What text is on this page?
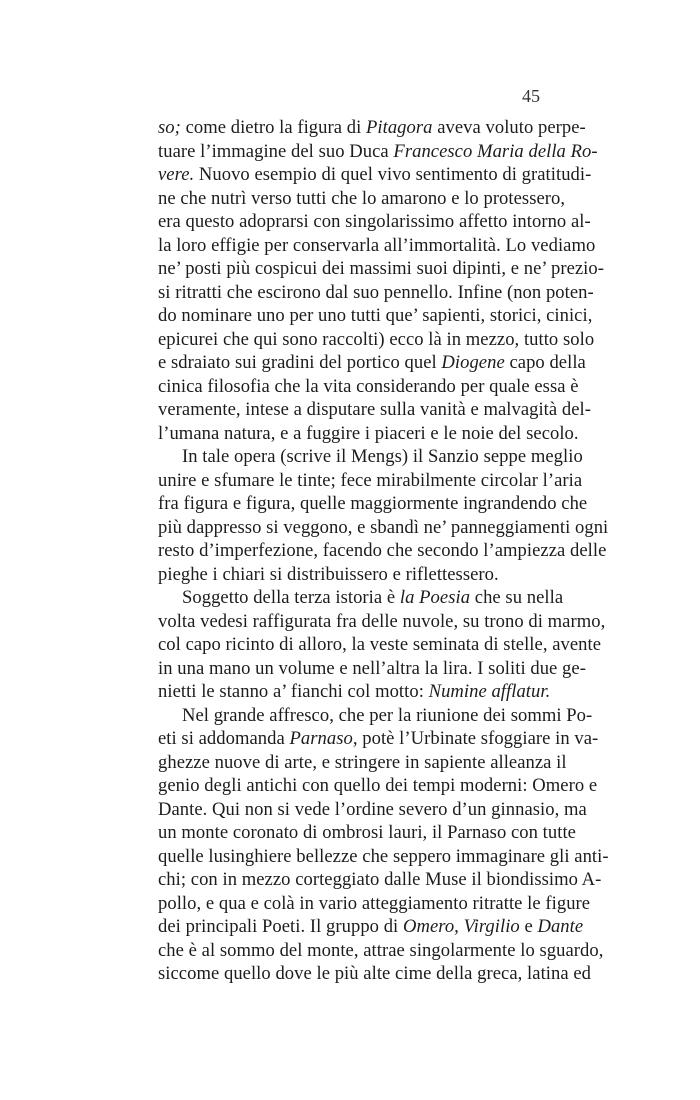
45
so; come dietro la figura di Pitagora aveva voluto perpe-
tuare l’immagine del suo Duca Francesco Maria della Ro-
vere. Nuovo esempio di quel vivo sentimento di gratitudi-
ne che nutrì verso tutti che lo amarono e lo protessero,
era questo adoprarsi con singolarissimo affetto intorno al-
la loro effigie per conservarla all’immortalità. Lo vediamo
ne’ posti più cospicui dei massimi suoi dipinti, e ne’ prezio-
si ritratti che escirono dal suo pennello. Infine (non poten-
do nominare uno per uno tutti que’ sapienti, storici, cinici,
epicurei che qui sono raccolti) ecco là in mezzo, tutto solo
e sdraiato sui gradini del portico quel Diogene capo della
cinica filosofia che la vita considerando per quale essa è
veramente, intese a disputare sulla vanità e malvagità del-
l’umana natura, e a fuggire i piaceri e le noie del secolo.
In tale opera (scrive il Mengs) il Sanzio seppe meglio
unire e sfumare le tinte; fece mirabilmente circolar l’aria
fra figura e figura, quelle maggiormente ingrandendo che
più dappresso si veggono, e sbandì ne’ panneggiamenti ogni
resto d’imperfezione, facendo che secondo l’ampiezza delle
pieghe i chiari si distribuissero e riflettessero.
Soggetto della terza istoria è la Poesia che su nella
volta vedesi raffigurata fra delle nuvole, su trono di marmo,
col capo ricinto di alloro, la veste seminata di stelle, avente
in una mano un volume e nell’altra la lira. I soliti due ge-
nietti le stanno a’ fianchi col motto: Numine afflatur.
Nel grande affresco, che per la riunione dei sommi Po-
eti si addomanda Parnaso, potè l’Urbinate sfoggiare in va-
ghezze nuove di arte, e stringere in sapiente alleanza il
genio degli antichi con quello dei tempi moderni: Omero e
Dante. Qui non si vede l’ordine severo d’un ginnasio, ma
un monte coronato di ombrosi lauri, il Parnaso con tutte
quelle lusinghiere bellezze che seppero immaginare gli anti-
chi; con in mezzo corteggiato dalle Muse il biondissimo A-
pollo, e qua e colà in vario atteggiamento ritratte le figure
dei principali Poeti. Il gruppo di Omero, Virgilio e Dante
che è al sommo del monte, attrae singolarmente lo sguardo,
siccome quello dove le più alte cime della greca, latina ed
